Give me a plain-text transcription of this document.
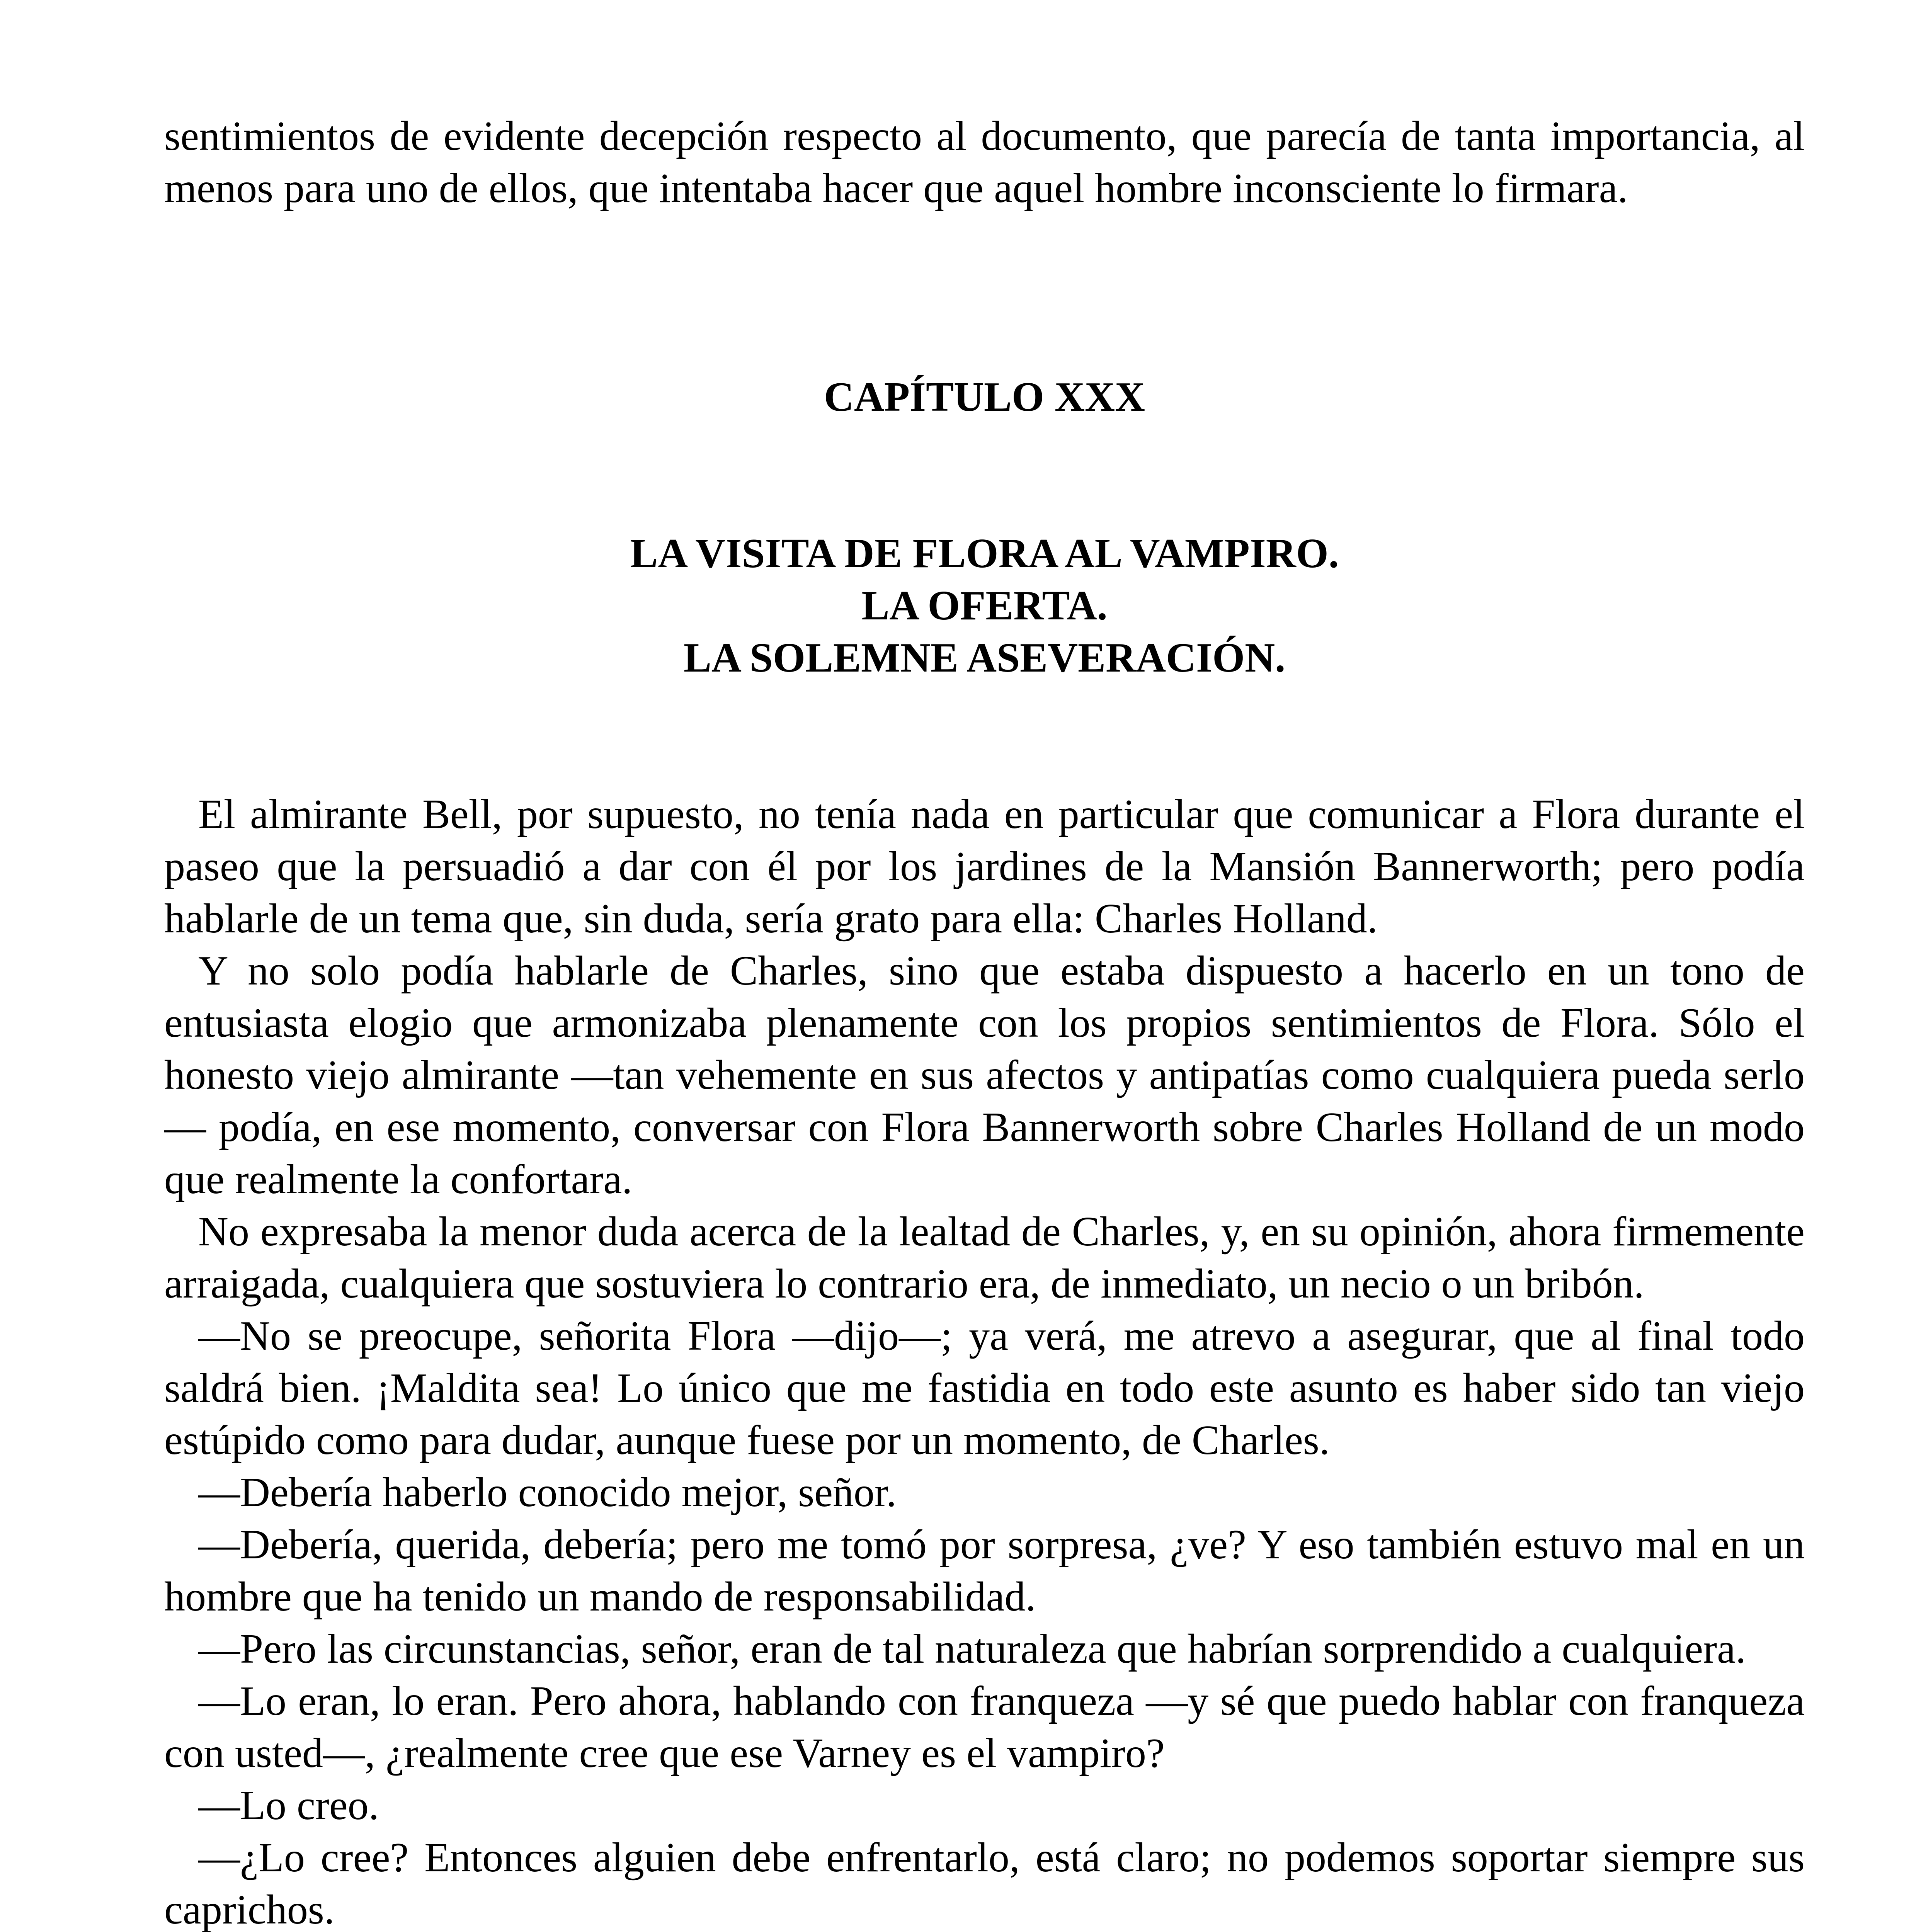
sentimientos de evidente decepción respecto al documento, que parecía de tanta importancia, al menos para uno de ellos, que intentaba hacer que aquel hombre inconsciente lo firmara.

CAPÍTULO XXX
LA VISITA DE FLORA AL VAMPIRO.
LA OFERTA.
LA SOLEMNE ASEVERACIÓN.

El almirante Bell, por supuesto, no tenía nada en particular que comunicar a Flora durante el paseo que la persuadió a dar con él por los jardines de la Mansión Bannerworth; pero podía hablarle de un tema que, sin duda, sería grato para ella: Charles Holland.

Y no solo podía hablarle de Charles, sino que estaba dispuesto a hacerlo en un tono de entusiasta elogio que armonizaba plenamente con los propios sentimientos de Flora. Sólo el honesto viejo almirante —tan vehemente en sus afectos y antipatías como cualquiera pueda serlo— podía, en ese momento, conversar con Flora Bannerworth sobre Charles Holland de un modo que realmente la confortara.

No expresaba la menor duda acerca de la lealtad de Charles, y, en su opinión, ahora firmemente arraigada, cualquiera que sostuviera lo contrario era, de inmediato, un necio o un bribón.

—No se preocupe, señorita Flora —dijo—; ya verá, me atrevo a asegurar, que al final todo saldrá bien. ¡Maldita sea! Lo único que me fastidia en todo este asunto es haber sido tan viejo estúpido como para dudar, aunque fuese por un momento, de Charles.

—Debería haberlo conocido mejor, señor.

—Debería, querida, debería; pero me tomó por sorpresa, ¿ve? Y eso también estuvo mal en un hombre que ha tenido un mando de responsabilidad.

—Pero las circunstancias, señor, eran de tal naturaleza que habrían sorprendido a cualquiera.

—Lo eran, lo eran. Pero ahora, hablando con franqueza —y sé que puedo hablar con franqueza con usted—, ¿realmente cree que ese Varney es el vampiro?

—Lo creo.

—¿Lo cree? Entonces alguien debe enfrentarlo, está claro; no podemos soportar siempre sus caprichos.
